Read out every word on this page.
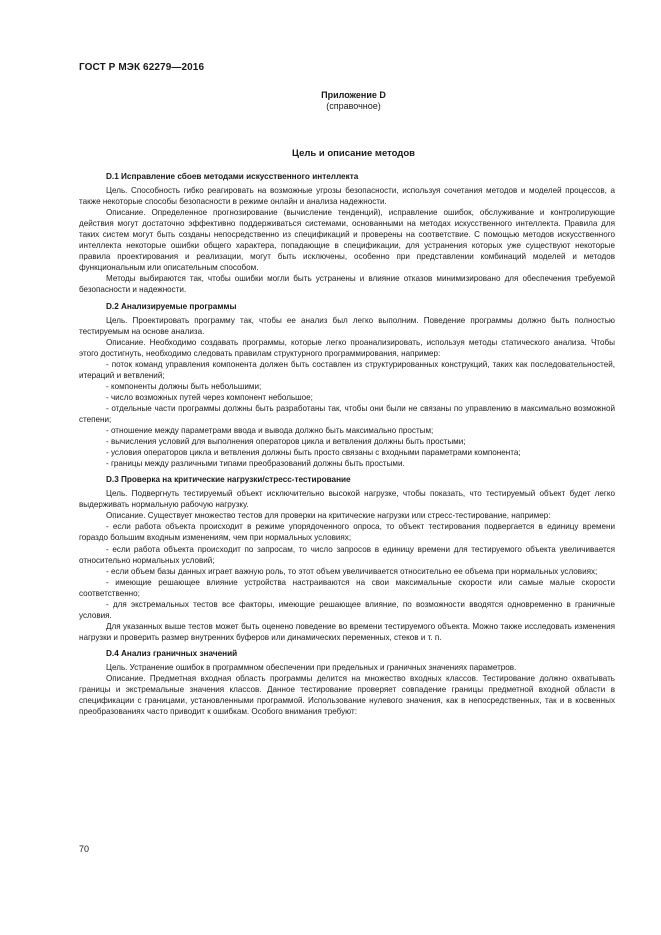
ГОСТ Р МЭК 62279—2016
Приложение D
(справочное)
Цель и описание методов
D.1 Исправление сбоев методами искусственного интеллекта

Цель. Способность гибко реагировать на возможные угрозы безопасности, используя сочетания методов и моделей процессов, а также некоторые способы безопасности в режиме онлайн и анализа надежности.

Описание. Определенное прогнозирование (вычисление тенденций), исправление ошибок, обслуживание и контролирующие действия могут достаточно эффективно поддерживаться системами, основанными на методах искусственного интеллекта. Правила для таких систем могут быть созданы непосредственно из спецификаций и проверены на соответствие. С помощью методов искусственного интеллекта некоторые ошибки общего характера, попадающие в спецификации, для устранения которых уже существуют некоторые правила проектирования и реализации, могут быть исключены, особенно при представлении комбинаций моделей и методов функциональным или описательным способом.

Методы выбираются так, чтобы ошибки могли быть устранены и влияние отказов минимизировано для обеспечения требуемой безопасности и надежности.

D.2 Анализируемые программы

Цель. Проектировать программу так, чтобы ее анализ был легко выполним. Поведение программы должно быть полностью тестируемым на основе анализа.

Описание. Необходимо создавать программы, которые легко проанализировать, используя методы статического анализа. Чтобы этого достигнуть, необходимо следовать правилам структурного программирования, например:

- поток команд управления компонента должен быть составлен из структурированных конструкций, таких как последовательностей, итераций и ветвлений;
- компоненты должны быть небольшими;
- число возможных путей через компонент небольшое;
- отдельные части программы должны быть разработаны так, чтобы они были не связаны по управлению в максимально возможной степени;
- отношение между параметрами ввода и вывода должно быть максимально простым;
- вычисления условий для выполнения операторов цикла и ветвления должны быть простыми;
- условия операторов цикла и ветвления должны быть просто связаны с входными параметрами компонента;
- границы между различными типами преобразований должны быть простыми.
D.3 Проверка на критические нагрузки/стресс-тестирование

Цель. Подвергнуть тестируемый объект исключительно высокой нагрузке, чтобы показать, что тестируемый объект будет легко выдерживать нормальную рабочую нагрузку.

Описание. Существует множество тестов для проверки на критические нагрузки или стресс-тестирование, например:

- если работа объекта происходит в режиме упорядоченного опроса, то объект тестирования подвергается в единицу времени гораздо большим входным изменениям, чем при нормальных условиях;
- если работа объекта происходит по запросам, то число запросов в единицу времени для тестируемого объекта увеличивается относительно нормальных условий;
- если объем базы данных играет важную роль, то этот объем увеличивается относительно ее объема при нормальных условиях;
- имеющие решающее влияние устройства настраиваются на свои максимальные скорости или самые малые скорости соответственно;
- для экстремальных тестов все факторы, имеющие решающее влияние, по возможности вводятся одновременно в граничные условия.

Для указанных выше тестов может быть оценено поведение во времени тестируемого объекта. Можно также исследовать изменения нагрузки и проверить размер внутренних буферов или динамических переменных, стеков и т. п.

D.4 Анализ граничных значений

Цель. Устранение ошибок в программном обеспечении при предельных и граничных значениях параметров.

Описание. Предметная входная область программы делится на множество входных классов. Тестирование должно охватывать границы и экстремальные значения классов. Данное тестирование проверяет совпадение границы предметной входной области в спецификации с границами, установленными программой. Использование нулевого значения, как в непосредственных, так и в косвенных преобразованиях часто приводит к ошибкам. Особого внимания требуют:

70
